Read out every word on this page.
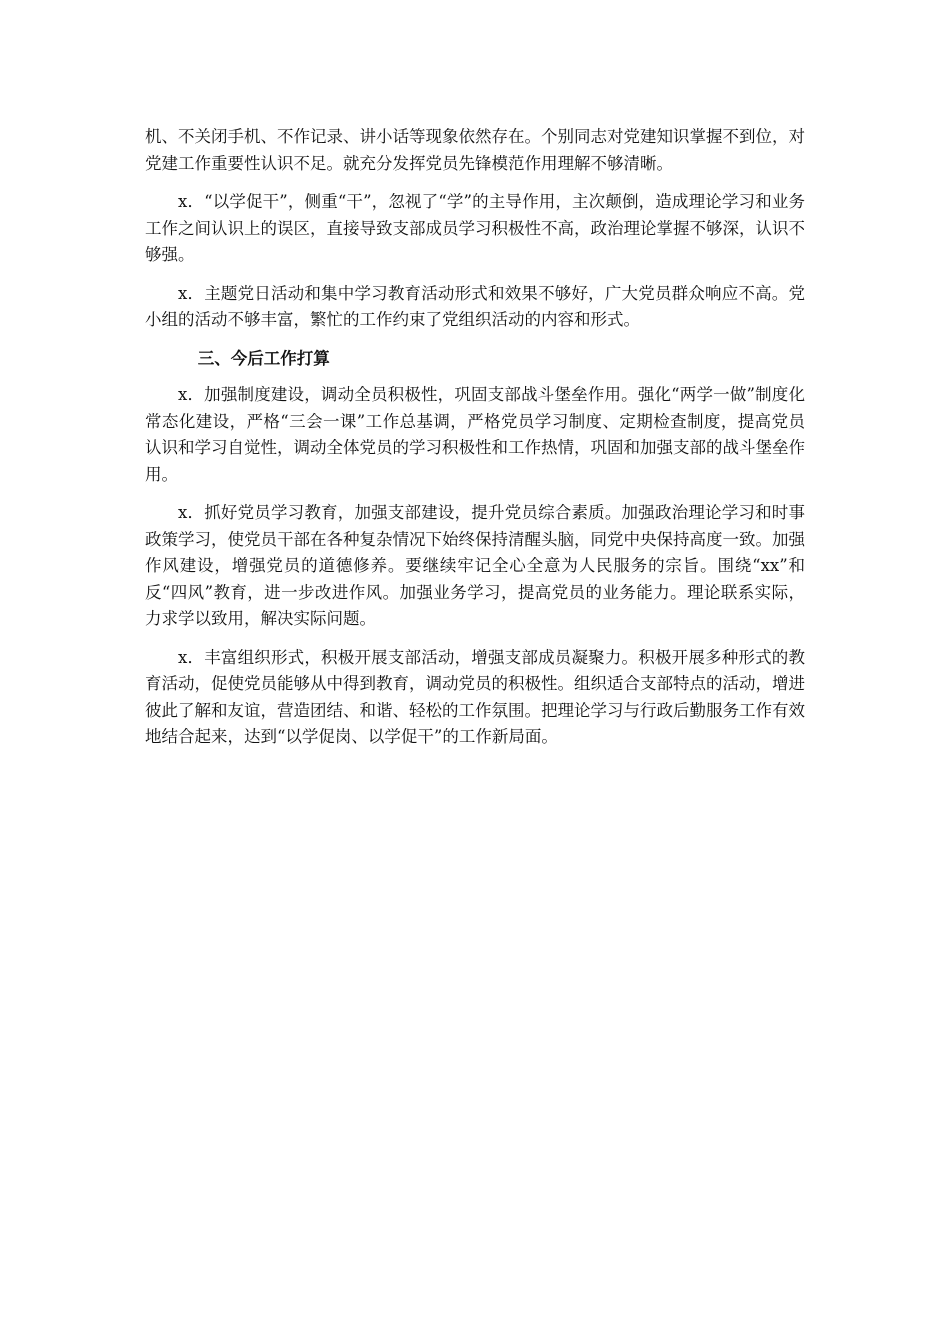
机、不关闭手机、不作记录、讲小话等现象依然存在。个别同志对党建知识掌握不到位，对党建工作重要性认识不足。就充分发挥党员先锋模范作用理解不够清晰。

x．“以学促干”，侧重“干”，忽视了“学”的主导作用，主次颠倒，造成理论学习和业务工作之间认识上的误区，直接导致支部成员学习积极性不高，政治理论掌握不够深，认识不够强。

x．主题党日活动和集中学习教育活动形式和效果不够好，广大党员群众响应不高。党小组的活动不够丰富，繁忙的工作约束了党组织活动的内容和形式。

三、今后工作打算

x．加强制度建设，调动全员积极性，巩固支部战斗堡垒作用。强化“两学一做”制度化常态化建设，严格“三会一课”工作总基调，严格党员学习制度、定期检查制度，提高党员认识和学习自觉性，调动全体党员的学习积极性和工作热情，巩固和加强支部的战斗堡垒作用。

x．抓好党员学习教育，加强支部建设，提升党员综合素质。加强政治理论学习和时事政策学习，使党员干部在各种复杂情况下始终保持清醒头脑，同党中央保持高度一致。加强作风建设，增强党员的道德修养。要继续牢记全心全意为人民服务的宗旨。围绕“xx”和反“四风”教育，进一步改进作风。加强业务学习，提高党员的业务能力。理论联系实际，力求学以致用，解决实际问题。

x．丰富组织形式，积极开展支部活动，增强支部成员凝聚力。积极开展多种形式的教育活动，促使党员能够从中得到教育，调动党员的积极性。组织适合支部特点的活动，增进彼此了解和友谊，营造团结、和谐、轻松的工作氛围。把理论学习与行政后勤服务工作有效地结合起来，达到“以学促岗、以学促干”的工作新局面。
